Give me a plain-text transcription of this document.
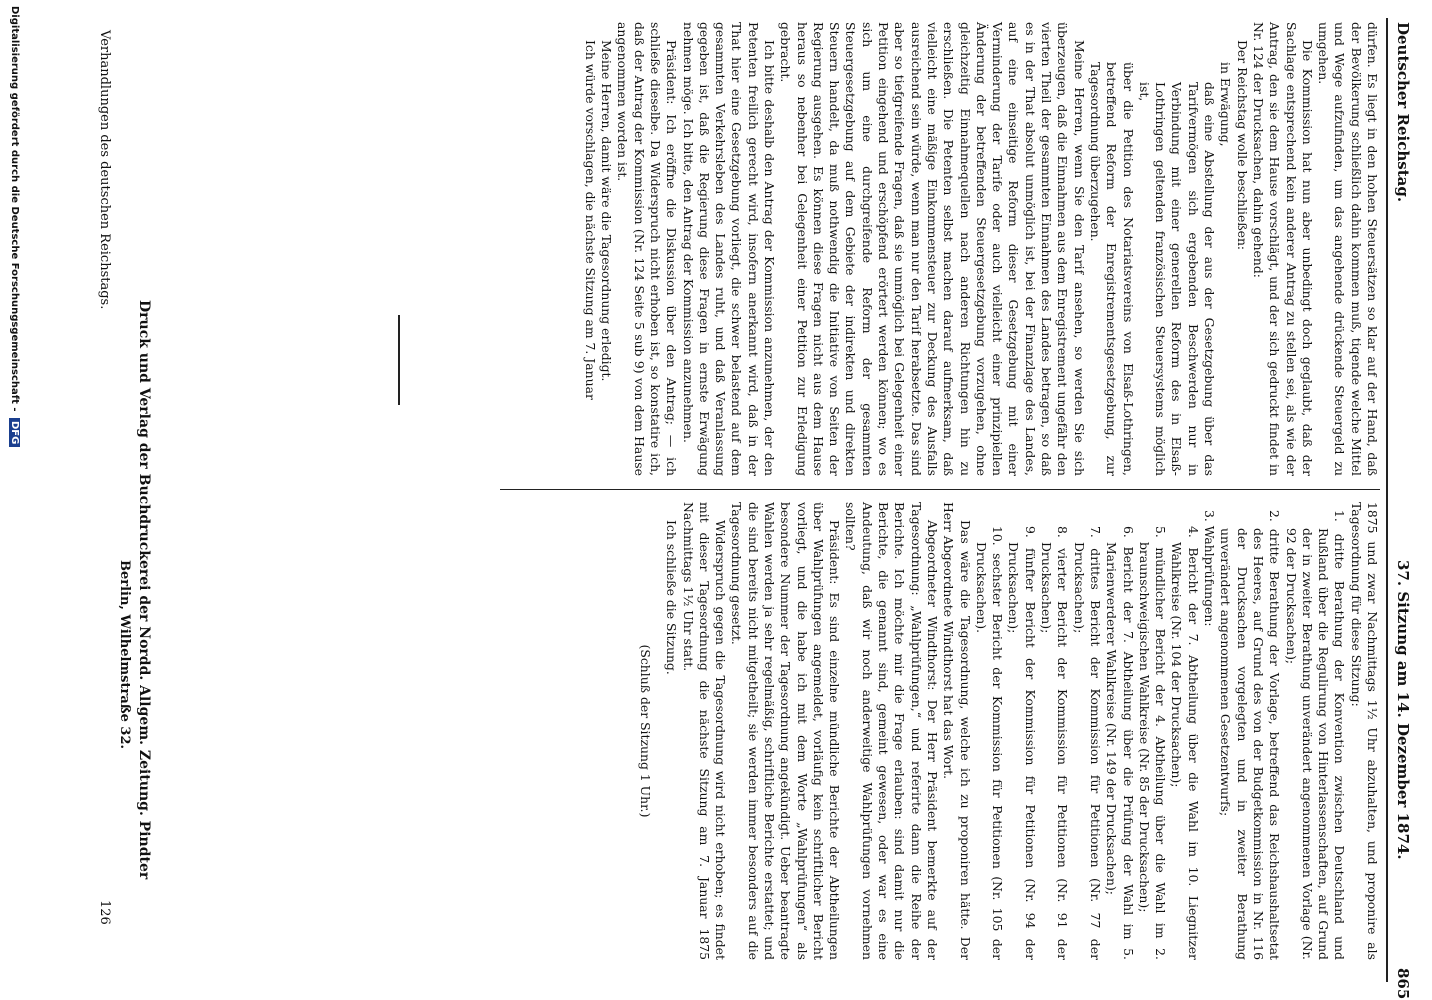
Deutscher Reichstag.
37. Sitzung am 14. Dezember 1874.
865

dürfen. Es liegt in den hohen Steuersätzen so klar auf der Hand, daß der Bevölkerung schließlich dahin kommen muß, tiqende welche Mittel und Wege aufzufinden, um das angehende drückende Steuergeld zu umgehen.

Die Kommission hat nun aber unbedingt doch geglaubt, daß der Sachlage entsprechend kein anderer Antrag zu stellen sei, als wie der Antrag, den sie dem Hause vorschlägt, und der sich gedruckt findet in Nr. 124 der Drucksachen, dahin gehend:

Der Reichstag wolle beschließen:

in Erwägung,

daß eine Abstellung der aus der Gesetzgebung über das Tarifvermögen sich ergebenden Beschwerden nur in Verbindung mit einer generellen Reform des in Elsaß-Lothringen geltenden französischen Steuersystems möglich ist,

über die Petition des Notariatsvereins von Elsaß-Lothringen, betreffend Reform der Enregistrementsgesetzgebung, zur Tagesordnung überzugehen.

Meine Herren, wenn Sie den Tarif ansehen, so werden Sie sich überzeugen, daß die Einnahmen aus dem Enregistrement ungefähr den vierten Theil der gesammten Einnahmen des Landes betragen, so daß es in der That absolut unmöglich ist, bei der Finanzlage des Landes, auf eine einseitige Reform dieser Gesetzgebung mit einer Verminderung der Tarife oder auch vielleicht einer prinzipiellen Änderung der betreffenden Steuergesetzgebung vorzugehen, ohne gleichzeitig Einnahmequellen nach anderen Richtungen hin zu erschließen. Die Petenten selbst machen darauf aufmerksam, daß vielleicht eine mäßige Einkommensteuer zur Deckung des Ausfalls ausreichend sein würde, wenn man nur den Tarif herabsetzte. Das sind aber so tiefgreifende Fragen, daß sie unmöglich bei Gelegenheit einer Petition eingehend und erschöpfend erörtert werden können; wo es sich um eine durchgreifende Reform der gesammten Steuergesetzgebung auf dem Gebiete der indirekten und direkten Steuern handelt, da muß nothwendig die Initiative von Seiten der Regierung ausgehen. Es können diese Fragen nicht aus dem Hause heraus so nebenher bei Gelegenheit einer Petition zur Erledigung gebracht.

Ich bitte deshalb den Antrag der Kommission anzunehmen, der den Petenten freilich gerecht wird, insofern anerkannt wird, daß in der That hier eine Gesetzgebung vorliegt, die schwer belastend auf dem gesammten Verkehrsleben des Landes ruht, und daß Veranlassung gegeben ist, daß die Regierung diese Fragen in ernste Erwägung nehmen möge. Ich bitte, den Antrag der Kommission anzunehmen.

Präsident: Ich eröffne die Diskussion über den Antrag; — ich schließe dieselbe. Da Widerspruch nicht erhoben ist, so konstatire ich, daß der Antrag der Kommission (Nr. 124 Seite 5 sub 9) von dem Hause angenommen worden ist.

Meine Herren, damit wäre die Tagesordnung erledigt.

Ich würde vorschlagen, die nächste Sitzung am 7. Januar

1875 und zwar Nachmittags 1½ Uhr abzuhalten, und proponire als Tagesordnung für diese Sitzung:

1. dritte Berathung der Konvention zwischen Deutschland und Rußland über die Regulirung von Hinterlassenschaften, auf Grund der in zweiter Berathung unverändert angenommenen Vorlage (Nr. 92 der Drucksachen);

2. dritte Berathung der Vorlage, betreffend das Reichshaushaltsetat des Heeres, auf Grund des von der Budgetkommission in Nr. 116 der Drucksachen vorgelegten und in zweiter Berathung unverändert angenommenen Gesetzentwurfs;

3. Wahlprüfungen:

4. Bericht der 7. Abtheilung über die Wahl im 10. Liegnitzer Wahlkreise (Nr. 104 der Drucksachen);

5. mündlicher Bericht der 4. Abtheilung über die Wahl im 2. braunschweigischen Wahlkreise (Nr. 85 der Drucksachen);

6. Bericht der 7. Abtheilung über die Prüfung der Wahl im 5. Marienwerderer Wahlkreise (Nr. 149 der Drucksachen);

7. drittes Bericht der Kommission für Petitionen (Nr. 77 der Drucksachen);

8. vierter Bericht der Kommission für Petitionen (Nr. 91 der Drucksachen);

9. fünfter Bericht der Kommission für Petitionen (Nr. 94 der Drucksachen);

10. sechster Bericht der Kommission für Petitionen (Nr. 105 der Drucksachen).

Das wäre die Tagesordnung, welche ich zu proponiren hätte. Der Herr Abgeordnete Windthorst hat das Wort.

Abgeordneter Windthorst: Der Herr Präsident bemerkte auf der Tagesordnung: „Wahlprüfungen,“ und referirte dann die Reihe der Berichte. Ich möchte mir die Frage erlauben: sind damit nur die Berichte, die genannt sind, gemeint gewesen, oder war es eine Andeutung, daß wir noch anderweitige Wahlprüfungen vornehmen sollten?

Präsident: Es sind einzelne mündliche Berichte der Abtheilungen über Wahlprüfungen angemeldet, vorläufig kein schriftlicher Bericht vorliegt, und die habe ich mit dem Worte „Wahlprüfungen“ als besondere Nummer der Tagesordnung angekündigt. Ueber beantragte Wahlen werden ja sehr regelmäßig, schriftliche Berichte erstattet; und die sind bereits nicht mitgetheilt; sie werden immer besonders auf die Tagesordnung gesetzt.

Widerspruch gegen die Tagesordnung wird nicht erhoben; es findet mit dieser Tagesordnung die nächste Sitzung am 7. Januar 1875 Nachmittags 1½ Uhr statt.

Ich schließe die Sitzung.

(Schluß der Sitzung 1 Uhr.)

Druck und Verlag der Buchdruckerei der Nordd. Allgem. Zeitung. Pindter
Berlin, Wilhelmstraße 32.
Verhandlungen des deutschen Reichstags.
126
Digitalisierung gefördert durch die Deutsche Forschungsgemeinschaft - DFG
